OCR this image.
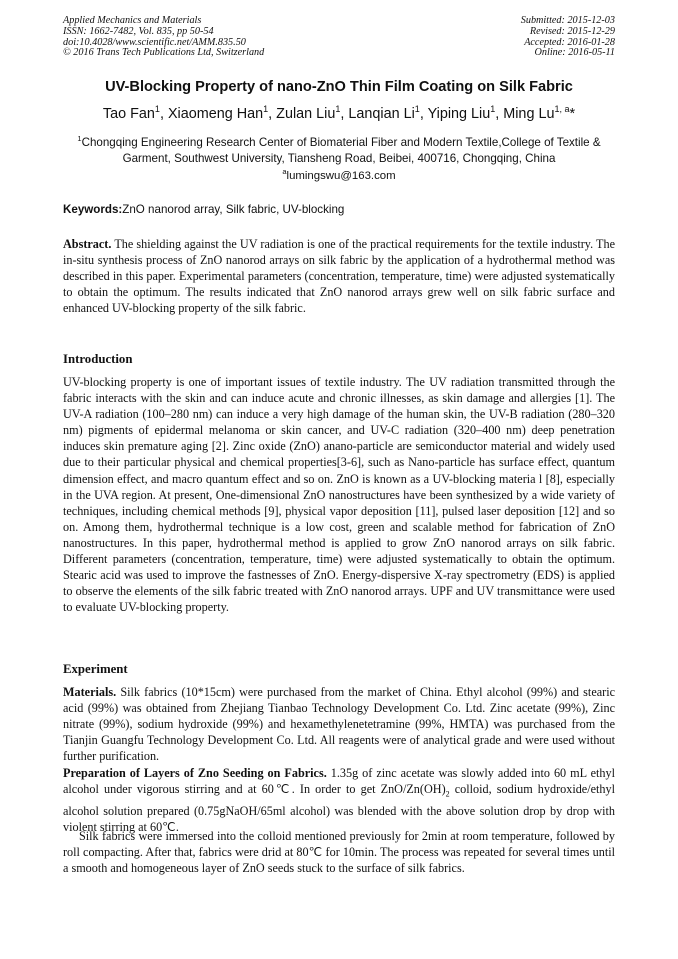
Applied Mechanics and Materials
ISSN: 1662-7482, Vol. 835, pp 50-54
doi:10.4028/www.scientific.net/AMM.835.50
© 2016 Trans Tech Publications Ltd, Switzerland
Submitted: 2015-12-03
Revised: 2015-12-29
Accepted: 2016-01-28
Online: 2016-05-11
UV-Blocking Property of nano-ZnO Thin Film Coating on Silk Fabric
Tao Fan$^1$, Xiaomeng Han$^1$, Zulan Liu$^1$, Lanqian Li$^1$, Yiping Liu$^1$, Ming Lu$^{1, a}$*
$^1$Chongqing Engineering Research Center of Biomaterial Fiber and Modern Textile,College of Textile & Garment, Southwest University, Tiansheng Road, Beibei, 400716, Chongqing, China
$^a$lumingswu@163.com
Keywords:ZnO nanorod array, Silk fabric, UV-blocking
Abstract. The shielding against the UV radiation is one of the practical requirements for the textile industry. The in-situ synthesis process of ZnO nanorod arrays on silk fabric by the application of a hydrothermal method was described in this paper. Experimental parameters (concentration, temperature, time) were adjusted systematically to obtain the optimum. The results indicated that ZnO nanorod arrays grew well on silk fabric surface and enhanced UV-blocking property of the silk fabric.
Introduction
UV-blocking property is one of important issues of textile industry. The UV radiation transmitted through the fabric interacts with the skin and can induce acute and chronic illnesses, as skin damage and allergies [1]. The UV-A radiation (100–280 nm) can induce a very high damage of the human skin, the UV-B radiation (280–320 nm) pigments of epidermal melanoma or skin cancer, and UV-C radiation (320–400 nm) deep penetration induces skin premature aging [2]. Zinc oxide (ZnO) anano-particle are semiconductor material and widely used due to their particular physical and chemical properties[3-6], such as Nano-particle has surface effect, quantum dimension effect, and macro quantum effect and so on. ZnO is known as a UV-blocking materia l [8], especially in the UVA region. At present, One-dimensional ZnO nanostructures have been synthesized by a wide variety of techniques, including chemical methods [9], physical vapor deposition [11], pulsed laser deposition [12] and so on. Among them, hydrothermal technique is a low cost, green and scalable method for fabrication of ZnO nanostructures. In this paper, hydrothermal method is applied to grow ZnO nanorod arrays on silk fabric. Different parameters (concentration, temperature, time) were adjusted systematically to obtain the optimum. Stearic acid was used to improve the fastnesses of ZnO. Energy-dispersive X-ray spectrometry (EDS) is applied to observe the elements of the silk fabric treated with ZnO nanorod arrays. UPF and UV transmittance were used to evaluate UV-blocking property.
Experiment
Materials. Silk fabrics (10*15cm) were purchased from the market of China. Ethyl alcohol (99%) and stearic acid (99%) was obtained from Zhejiang Tianbao Technology Development Co. Ltd. Zinc acetate (99%), Zinc nitrate (99%), sodium hydroxide (99%) and hexamethylenetetramine (99%, HMTA) was purchased from the Tianjin Guangfu Technology Development Co. Ltd. All reagents were of analytical grade and were used without further purification.
Preparation of Layers of Zno Seeding on Fabrics. 1.35g of zinc acetate was slowly added into 60 mL ethyl alcohol under vigorous stirring and at 60℃. In order to get ZnO/$Zn(OH)_2$ colloid, sodium hydroxide/ethyl alcohol solution prepared (0.75gNaOH/65ml alcohol) was blended with the above solution drop by drop with violent stirring at 60℃.
Silk fabrics were immersed into the colloid mentioned previously for 2min at room temperature, followed by roll compacting. After that, fabrics were drid at 80℃ for 10min. The process was repeated for several times until a smooth and homogeneous layer of ZnO seeds stuck to the surface of silk fabrics.
